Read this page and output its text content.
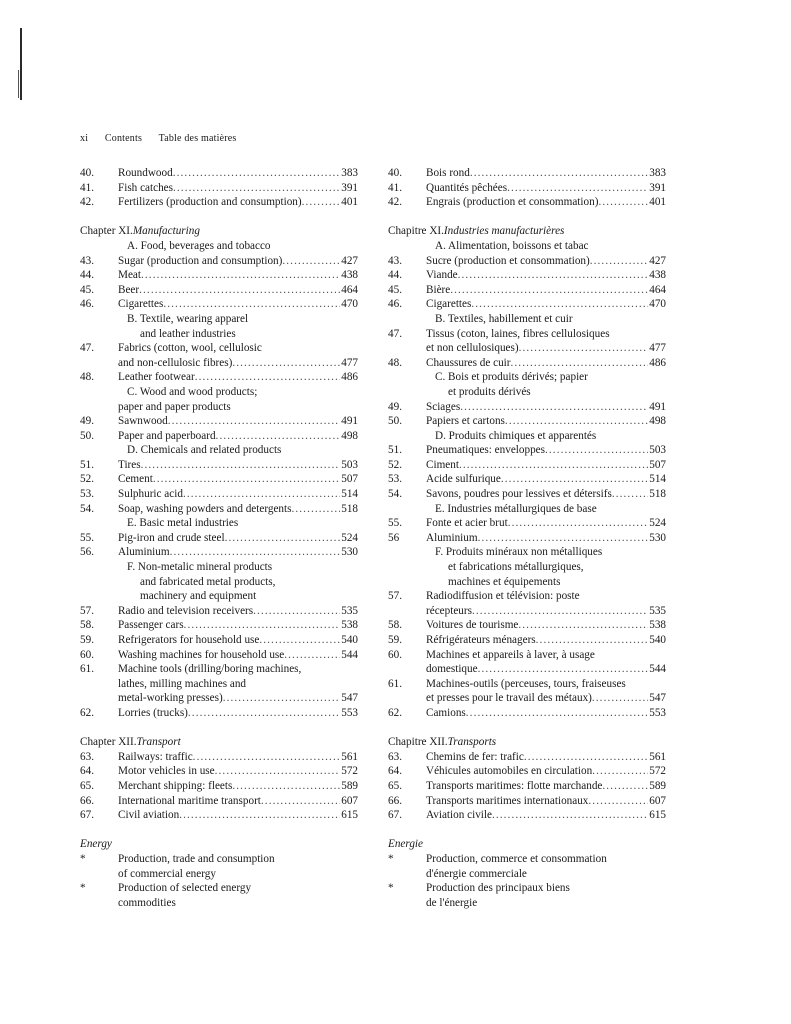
xi Contents Table des matières
40.	Roundwood .....	383
41.	Fish catches .....	391
42.	Fertilizers (production and consumption) .....	401
Chapter XI. Manufacturing
A. Food, beverages and tobacco
43.	Sugar (production and consumption) .....	427
44.	Meat .....	438
45.	Beer .....	464
46.	Cigarettes .....	470
B. Textile, wearing apparel
and leather industries
47.	Fabrics (cotton, wool, cellulosic
and non-cellulosic fibres) .....	477
48.	Leather footwear .....	486
C. Wood and wood products;
paper and paper products
49.	Sawnwood .....	491
50.	Paper and paperboard .....	498
D. Chemicals and related products
51.	Tires .....	503
52.	Cement .....	507
53.	Sulphuric acid .....	514
54.	Soap, washing powders and detergents .....	518
E. Basic metal industries
55.	Pig-iron and crude steel .....	524
56.	Aluminium .....	530
F. Non-metalic mineral products
and fabricated metal products,
machinery and equipment
57.	Radio and television receivers .....	535
58.	Passenger cars .....	538
59.	Refrigerators for household use .....	540
60.	Washing machines for household use .....	544
61.	Machine tools (drilling/boring machines,
lathes, milling machines and
metal-working presses) .....	547
62.	Lorries (trucks) .....	553
Chapter XII. Transport
63.	Railways: traffic .....	561
64.	Motor vehicles in use .....	572
65.	Merchant shipping: fleets .....	589
66.	International maritime transport .....	607
67.	Civil aviation .....	615
Energy
*	Production, trade and consumption
of commercial energy
*	Production of selected energy
commodities
40.	Bois rond .....	383
41.	Quantités pêchées .....	391
42.	Engrais (production et consommation) .....	401
Chapitre XI. Industries manufacturières
A. Alimentation, boissons et tabac
43.	Sucre (production et consommation) .....	427
44.	Viande .....	438
45.	Bière .....	464
46.	Cigarettes .....	470
B. Textiles, habillement et cuir
47.	Tissus (coton, laines, fibres cellulosiques
et non cellulosiques) .....	477
48.	Chaussures de cuir .....	486
C. Bois et produits dérivés; papier
et produits dérivés
49.	Sciages .....	491
50.	Papiers et cartons .....	498
D. Produits chimiques et apparentés
51.	Pneumatiques: enveloppes .....	503
52.	Ciment .....	507
53.	Acide sulfurique .....	514
54.	Savons, poudres pour lessives et détersifs .....	518
E. Industries métallurgiques de base
55.	Fonte et acier brut .....	524
56	Aluminium .....	530
F. Produits minéraux non métalliques
et fabrications métallurgiques,
machines et équipements
57.	Radiodiffusion et télévision: poste
récepteurs .....	535
58.	Voitures de tourisme .....	538
59.	Réfrigérateurs ménagers .....	540
60.	Machines et appareils à laver, à usage
domestique .....	544
61.	Machines-outils (perceuses, tours, fraiseuses
et presses pour le travail des métaux) .....	547
62.	Camions .....	553
Chapitre XII. Transports
63.	Chemins de fer: trafic .....	561
64.	Véhicules automobiles en circulation .....	572
65.	Transports maritimes: flotte marchande .....	589
66.	Transports maritimes internationaux .....	607
67.	Aviation civile .....	615
Energie
*	Production, commerce et consommation
d'énergie commerciale
*	Production des principaux biens
de l'énergie
